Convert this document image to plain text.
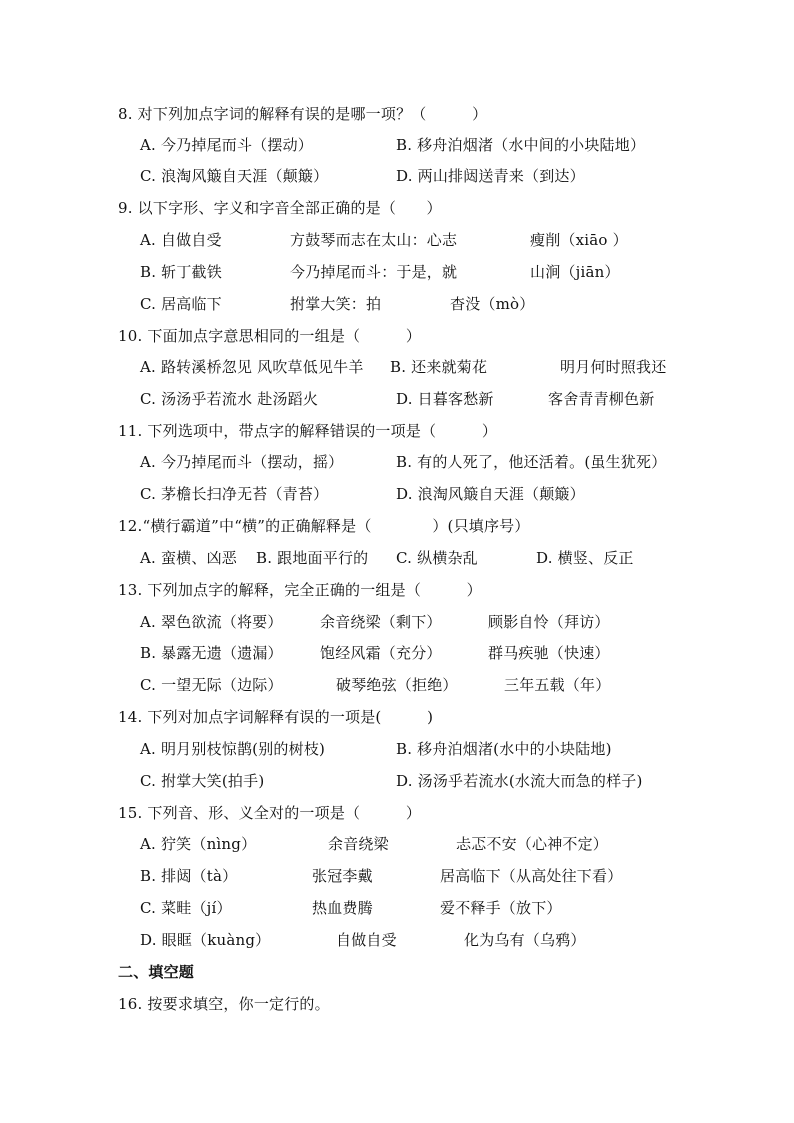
8. 对下列加点字词的解释有误的是哪一项？（　　　）
A. 今乃掉尾而斗（摆动）	B. 移舟泊烟渚（水中间的小块陆地）
C. 浪淘风簸自天涯（颠簸）	D. 两山排闼送青来（到达）
9. 以下字形、字义和字音全部正确的是（　　）
A. 自做自受	方鼓琴而志在太山：心志	瘦削（xiāo ）
B. 斩丁截铁	今乃掉尾而斗：于是，就	山涧（jiān）
C. 居高临下	拊掌大笑：拍	杳没（mò）
10. 下面加点字意思相同的一组是（　　　）
A. 路转溪桥忽见 风吹草低见牛羊 B. 还来就菊花	明月何时照我还
C. 汤汤乎若流水 赴汤蹈火	D. 日暮客愁新	客舍青青柳色新
11. 下列选项中，带点字的解释错误的一项是（　　　）
A. 今乃掉尾而斗（摆动，摇）	B. 有的人死了，他还活着。(虽生犹死）
C. 茅檐长扫净无苔（青苔）	D. 浪淘风簸自天涯（颠簸）
12.“横行霸道”中“横”的正确解释是（　　　　）(只填序号）
A. 蛮横、凶恶 B. 跟地面平行的 C. 纵横杂乱	D. 横竖、反正
13. 下列加点字的解释，完全正确的一组是（　　　）
A. 翠色欲流（将要） 余音绕梁（剩下）	顾影自怜（拜访）
B. 暴露无遗（遗漏） 饱经风霜（充分）	群马疾驰（快速）
C. 一望无际（边际）	破琴绝弦（拒绝）	三年五载（年）
14. 下列对加点字词解释有误的一项是(　　　)
A. 明月别枝惊鹊(别的树枝)	B. 移舟泊烟渚(水中的小块陆地)
C. 拊掌大笑(拍手)	D. 汤汤乎若流水(水流大而急的样子)
15. 下列音、形、义全对的一项是（　　　）
A. 狞笑（nìng）	余音绕梁	忐忑不安（心神不定）
B. 排闼（tà）	张冠李戴	居高临下（从高处往下看）
C. 菜畦（jí）	热血费腾	爱不释手（放下）
D. 眼眶（kuàng）	自做自受	化为乌有（乌鸦）
二、填空题
16. 按要求填空，你一定行的。
